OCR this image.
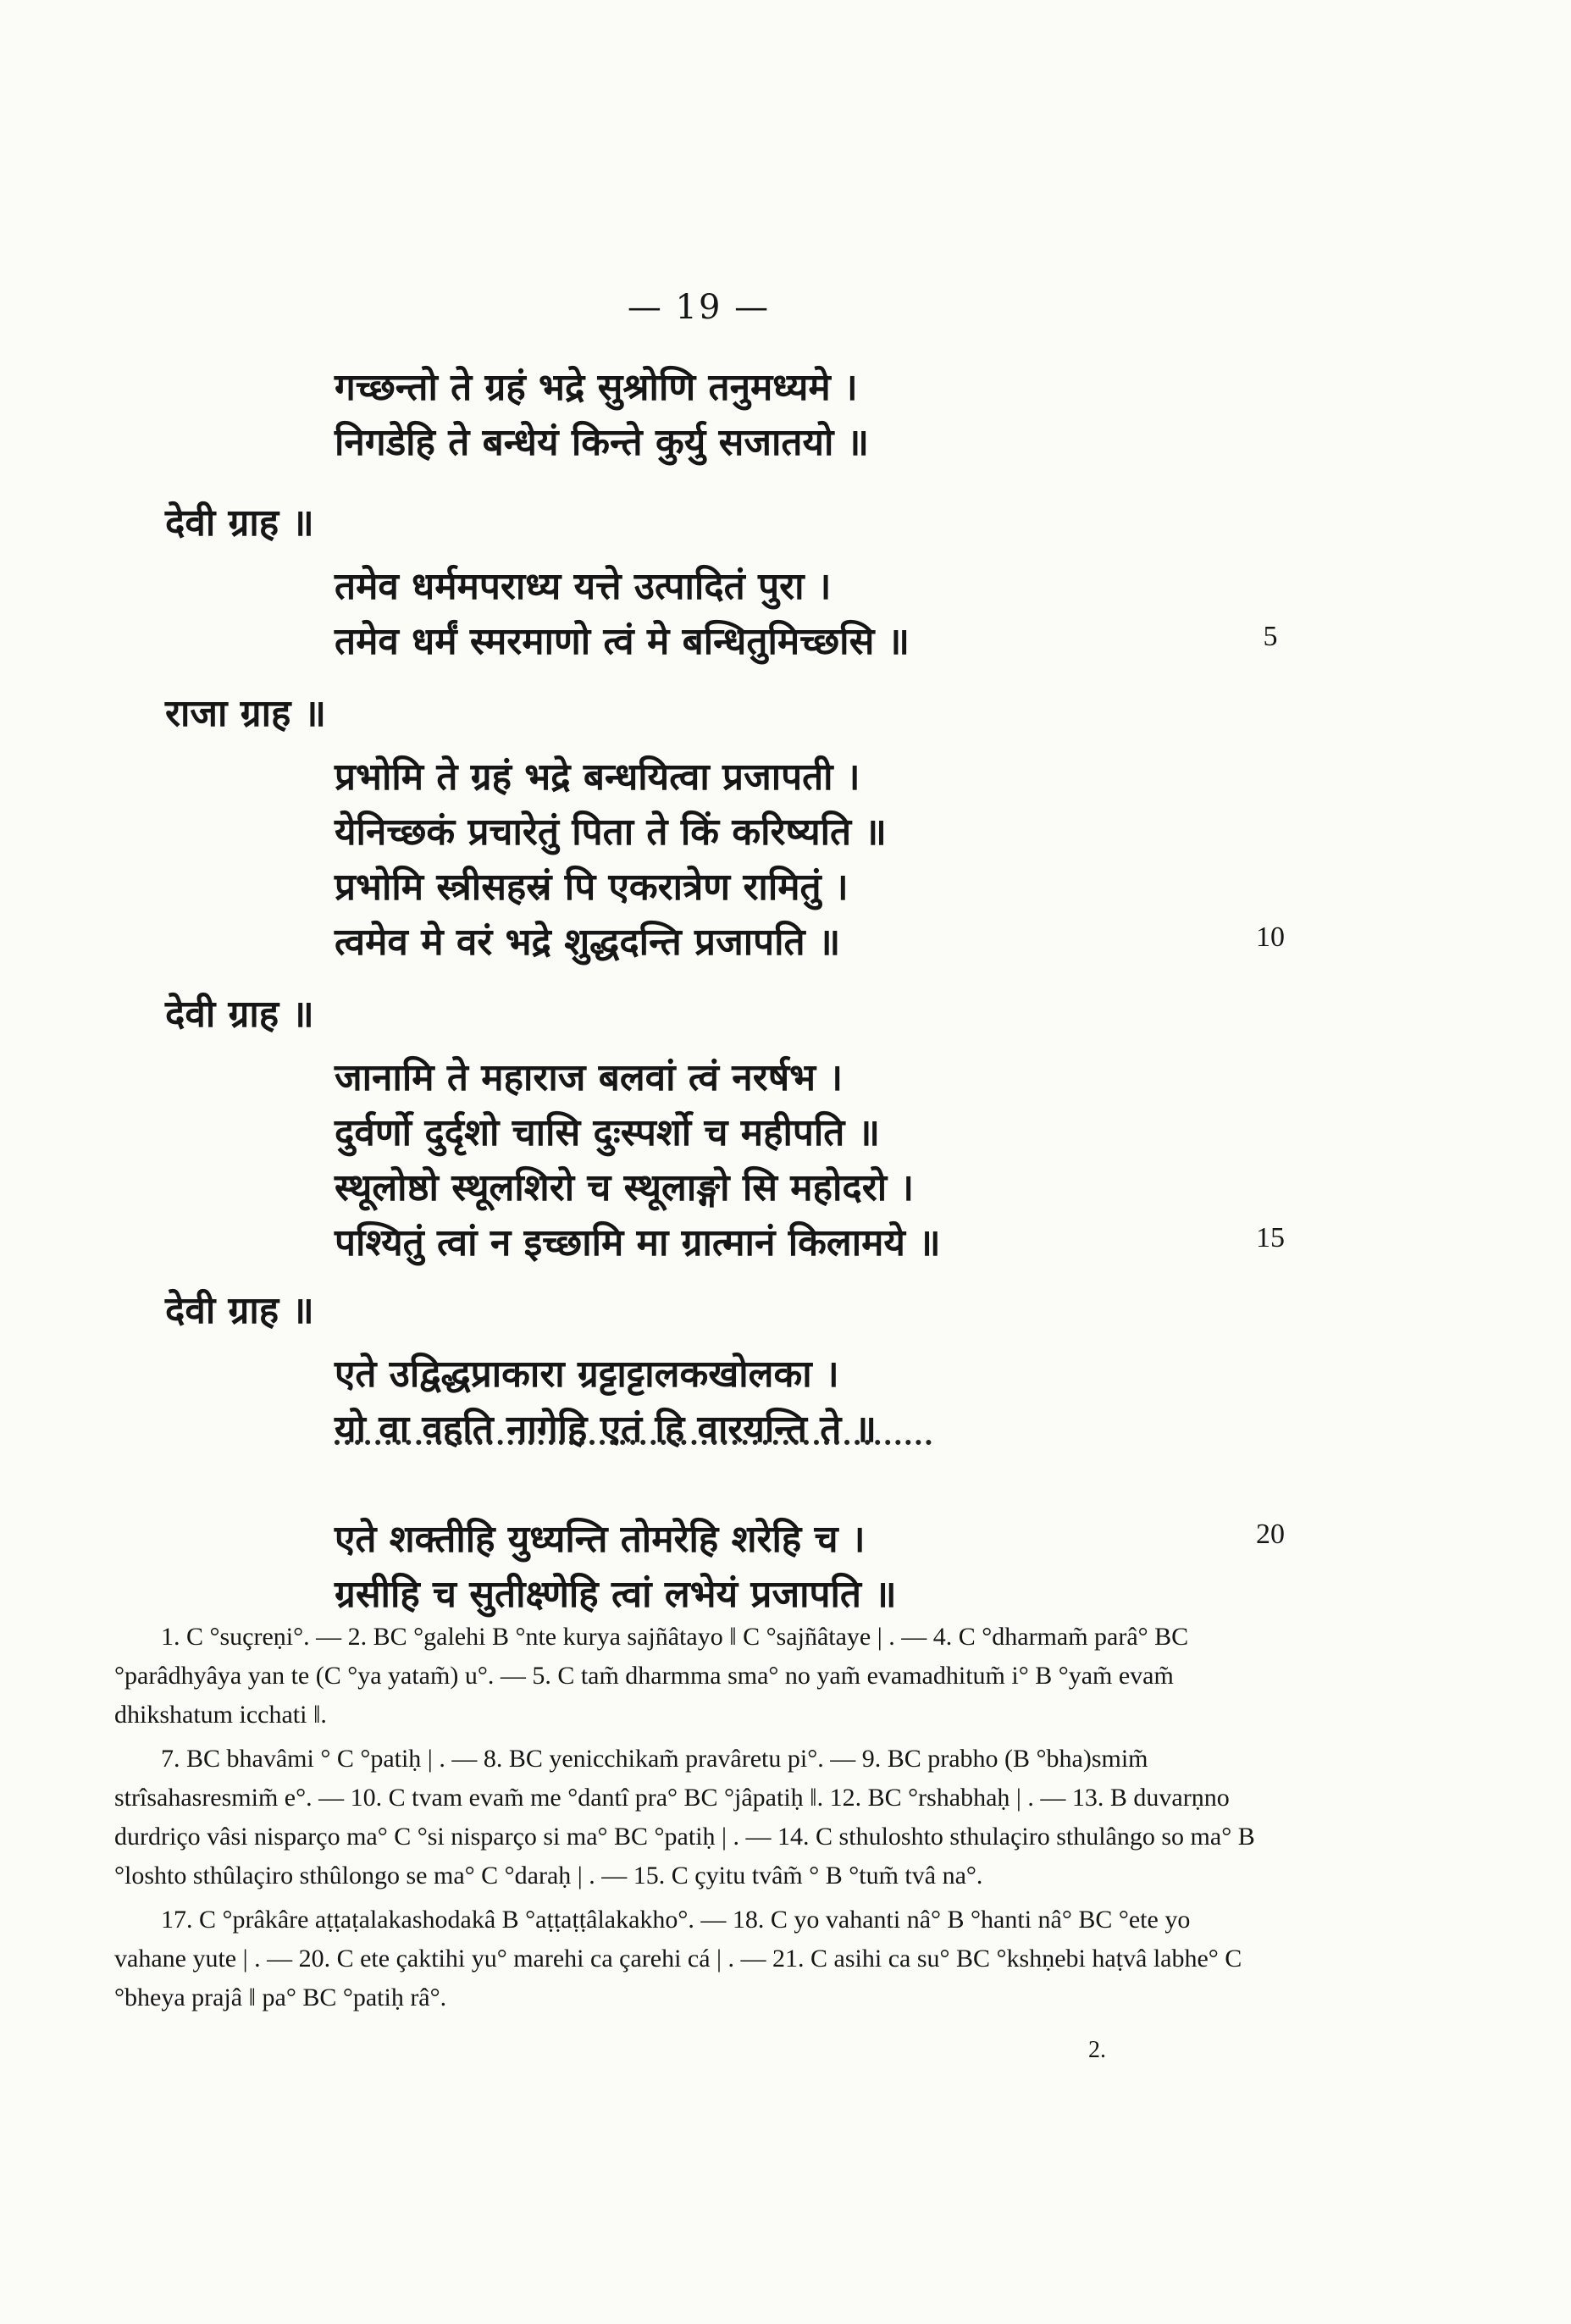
— 19 —
गच्छन्तो ते ग्रहं भद्रे सुश्रोणि तनुमध्यमे ।
निगडेहि ते बन्धेयं किन्ते कुर्यु सजातयो ॥
देवी ग्राह ॥
तमेव धर्ममपराध्य यत्ते उत्पादितं पुरा ।
तमेव धर्मं स्मरमाणो त्वं मे बन्धितुमिच्छसि ॥	5
राजा ग्राह ॥
प्रभोमि ते ग्रहं भद्रे बन्धयित्वा प्रजापती ।
येनिच्छकं प्रचारेतुं पिता ते किं करिष्यति ॥
प्रभोमि स्त्रीसहस्रं पि एकरात्रेण रामितुं ।
त्वमेव मे वरं भद्रे शुद्धदन्ति प्रजापति ॥	10
देवी ग्राह ॥
जानामि ते महाराज बलवां त्वं नरर्षभ ।
दुर्वर्णो दुर्दृशो चासि दुःस्पर्शो च महीपति ॥
स्थूलोष्ठो स्थूलशिरो च स्थूलाङ्गो सि महोदरो ।
पश्यितुं त्वां न इच्छामि मा ग्रात्मानं किलामये ॥	15
देवी ग्राह ॥
एते उद्विद्धप्राकारा ग्रट्टाट्टालकखोलका ।
यो वा वहति नागेहि एतं हि वारयन्ति ते ॥
एते शक्तीहि युध्यन्ति तोमरेहि शरेहि च ।	20
ग्रसीहि च सुतीक्ष्णेहि त्वां लभेयं प्रजापति ॥

1. C °suçreṇi°. — 2. BC °galehi B °nte kurya sajñâtayo ‖ C °sajñâtaye | . — 4. C °dharmam̃ parâ° BC °parâdhyâya yan te (C °ya yatam̃) u°. — 5. C tam̃ dharmma sma° no yam̃ evamadhitum̃ i° B °yam̃ evam̃ dhikshatum icchati ‖.

7. BC bhavâmi ° C °patiḥ | . — 8. BC yenicchikam̃ pravâretu pi°. — 9. BC prabho (B °bha)smim̃ strîsahasresmim̃ e°. — 10. C tvam evam̃ me °dantî pra° BC °jâpatiḥ ‖. 12. BC °rshabhaḥ | . — 13. B duvarṇno durdriço vâsi nisparço ma° C °si nisparço si ma° BC °patiḥ | . — 14. C sthuloshto sthulaçiro sthulângo so ma° B °loshto sthûlaçiro sthûlongo se ma° C °daraḥ | . — 15. C çyitu tvâm̃ ° B °tum̃ tvâ na°.

17. C °prâkâre aṭṭaṭalakashodakâ B °aṭṭaṭṭâlakakho°. — 18. C yo vahanti nâ° B °hanti nâ° BC °ete yo vahane yute | . — 20. C ete çaktihi yu° marehi ca çarehi cá | . — 21. C asihi ca su° BC °kshṇebi haṭvâ labhe° C °bheya prajâ ‖ pa° BC °patiḥ râ°.

2.
